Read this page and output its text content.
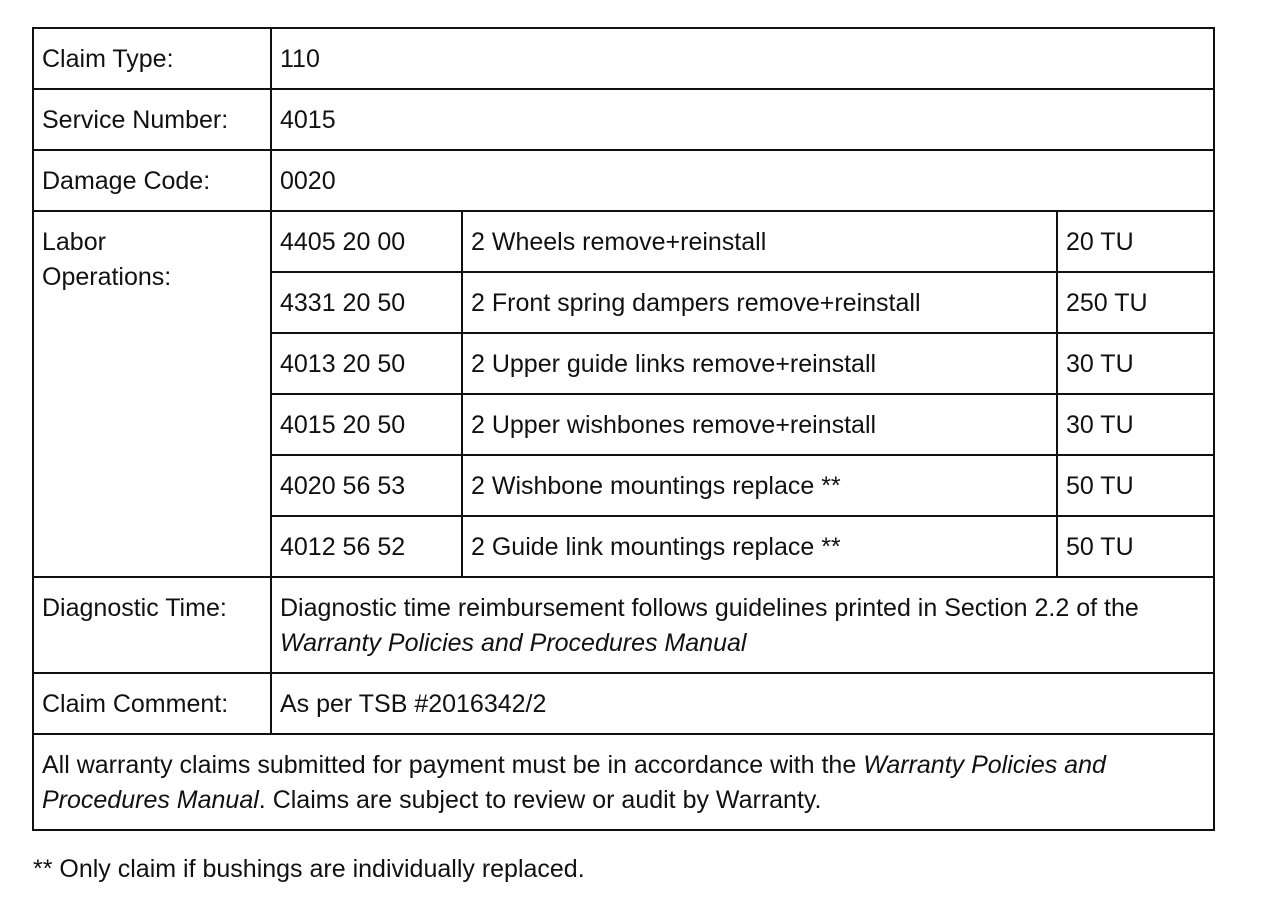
Claim Type:	110		
Service Number:	4015		
Damage Code:	0020		

Labor
Operations:	4405 20 00	2 Wheels remove+reinstall	20 TU
	4331 20 50	2 Front spring dampers remove+reinstall	250 TU
	4013 20 50	2 Upper guide links remove+reinstall	30 TU
	4015 20 50	2 Upper wishbones remove+reinstall	30 TU
	4020 56 53	2 Wishbone mountings replace **	50 TU
	4012 56 52	2 Guide link mountings replace **	50 TU
Diagnostic Time:	Diagnostic time reimbursement follows guidelines printed in Section 2.2 of the Warranty Policies and Procedures Manual		
Claim Comment:	As per TSB #2016342/2		
All warranty claims submitted for payment must be in accordance with the Warranty Policies and Procedures Manual. Claims are subject to review or audit by Warranty.			

** Only claim if bushings are individually replaced.
